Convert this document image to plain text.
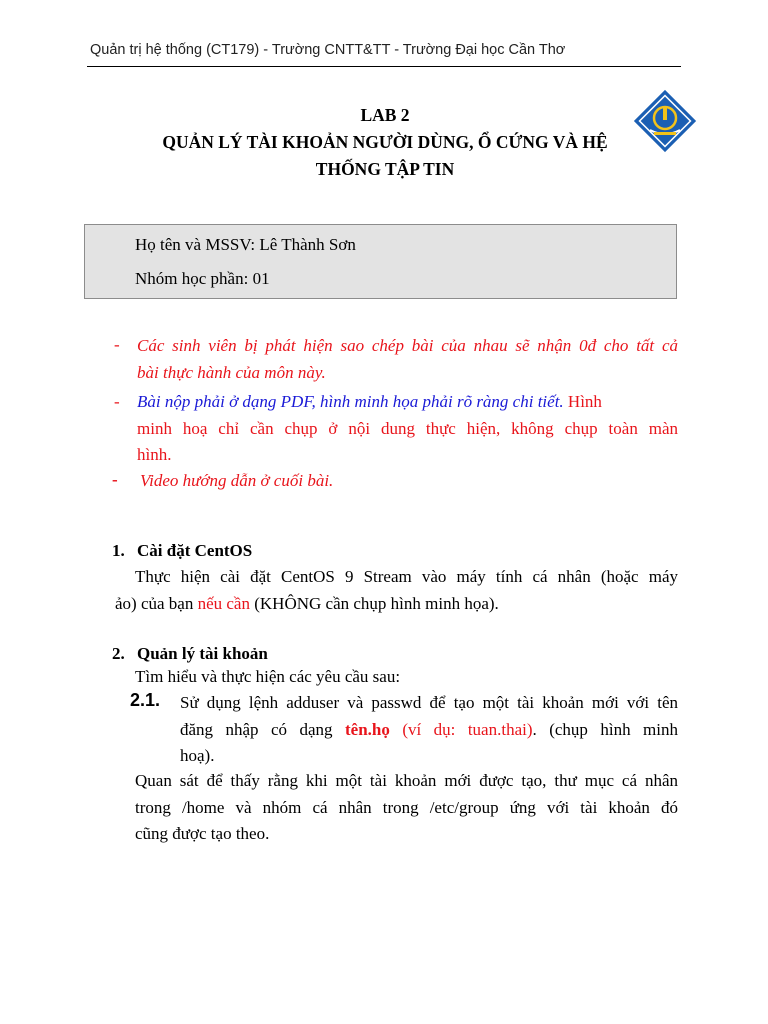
Quản trị hệ thống (CT179) - Trường CNTT&TT - Trường Đại học Cần Thơ
LAB 2
QUẢN LÝ TÀI KHOẢN NGƯỜI DÙNG, Ổ CỨNG VÀ HỆ
THỐNG TẬP TIN
Họ tên và MSSV: Lê Thành Sơn
Nhóm học phần: 01
- Các sinh viên bị phát hiện sao chép bài của nhau sẽ nhận 0đ cho tất cả
bài thực hành của môn này.
- Bài nộp phải ở dạng PDF, hình minh họa phải rõ ràng chi tiết. Hình
minh hoạ chỉ cần chụp ở nội dung thực hiện, không chụp toàn màn
hình.
- Video hướng dẫn ở cuối bài.
1. Cài đặt CentOS
Thực hiện cài đặt CentOS 9 Stream vào máy tính cá nhân (hoặc máy
ảo) của bạn nếu cần (KHÔNG cần chụp hình minh họa).
2. Quản lý tài khoản
Tìm hiểu và thực hiện các yêu cầu sau:
2.1. Sử dụng lệnh adduser và passwd để tạo một tài khoản mới với tên
đăng nhập có dạng tên.họ (ví dụ: tuan.thai). (chụp hình minh
hoạ).
Quan sát để thấy rằng khi một tài khoản mới được tạo, thư mục cá nhân
trong /home và nhóm cá nhân trong /etc/group ứng với tài khoản đó
cũng được tạo theo.
